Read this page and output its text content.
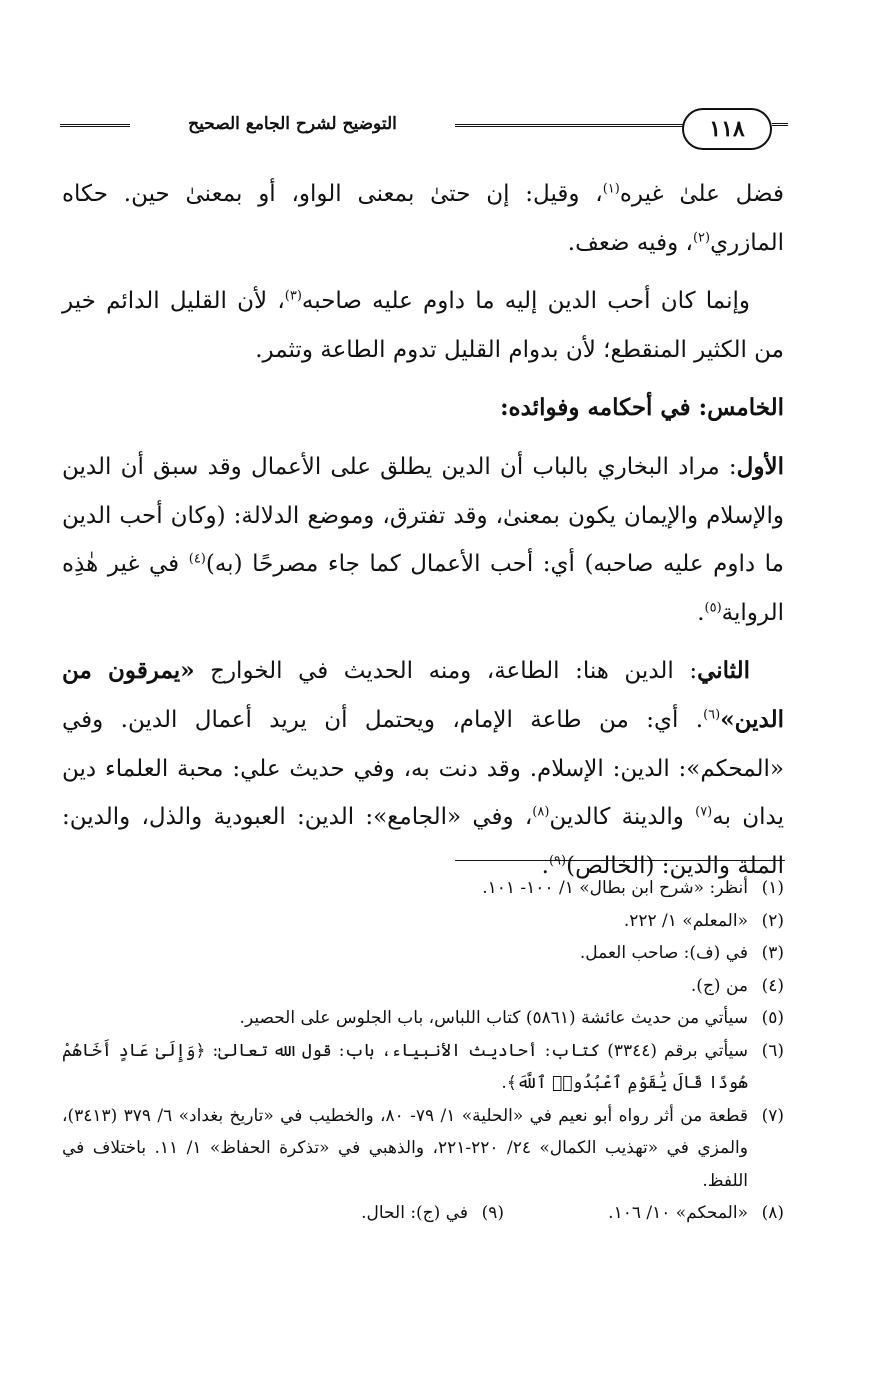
التوضيح لشرح الجامع الصحيح	١١٨

فضل علىٰ غيره$^{(١)}$، وقيل: إن حتىٰ بمعنى الواو، أو بمعنىٰ حين. حكاه المازري$^{(٢)}$، وفيه ضعف.

وإنما كان أحب الدين إليه ما داوم عليه صاحبه$^{(٣)}$، لأن القليل الدائم خير من الكثير المنقطع؛ لأن بدوام القليل تدوم الطاعة وتثمر.

الخامس: في أحكامه وفوائده:

الأول: مراد البخاري بالباب أن الدين يطلق على الأعمال وقد سبق أن الدين والإسلام والإيمان يكون بمعنىٰ، وقد تفترق، وموضع الدلالة: (وكان أحب الدين ما داوم عليه صاحبه) أي: أحب الأعمال كما جاء مصرحًا (به)$^{(٤)}$ في غير هٰذِه الرواية$^{(٥)}$.

الثاني: الدين هنا: الطاعة، ومنه الحديث في الخوارج «يمرقون من الدين»$^{(٦)}$. أي: من طاعة الإمام، ويحتمل أن يريد أعمال الدين. وفي «المحكم»: الدين: الإسلام. وقد دنت به، وفي حديث علي: محبة العلماء دين يدان به$^{(٧)}$ والدينة كالدين$^{(٨)}$، وفي «الجامع»: الدين: العبودية والذل، والدين: الملة والدين: (الخالص)$^{(٩)}$.

(١)
أنظر: «شرح ابن بطال» ١/ ١٠٠- ١٠١.
(٢)
«المعلم» ١/ ٢٢٢.
(٣)
في (ف): صاحب العمل.
(٤)
من (ج).
(٥)
سيأتي من حديث عائشة (٥٨٦١) كتاب اللباس، باب الجلوس على الحصير.
(٦)
سيأتي برقم (٣٣٤٤) كتاب: أحاديث الأنبياء، باب: قول الله تعالىٰ: ﴿وَإِلَىٰ عَادٍ أَخَاهُمْ هُودًا قَالَ يَٰقَوْمِ ٱعْبُدُوا۟ ٱللَّهَ﴾.
(٧)
قطعة من أثر رواه أبو نعيم في «الحلية» ١/ ٧٩- ٨٠، والخطيب في «تاريخ بغداد» ٦/ ٣٧٩ (٣٤١٣)، والمزي في «تهذيب الكمال» ٢٤/ ٢٢٠-٢٢١، والذهبي في «تذكرة الحفاظ» ١/ ١١. باختلاف في اللفظ.
(٨)
«المحكم» ١٠/ ١٠٦.
(٩)
في (ج): الحال.
